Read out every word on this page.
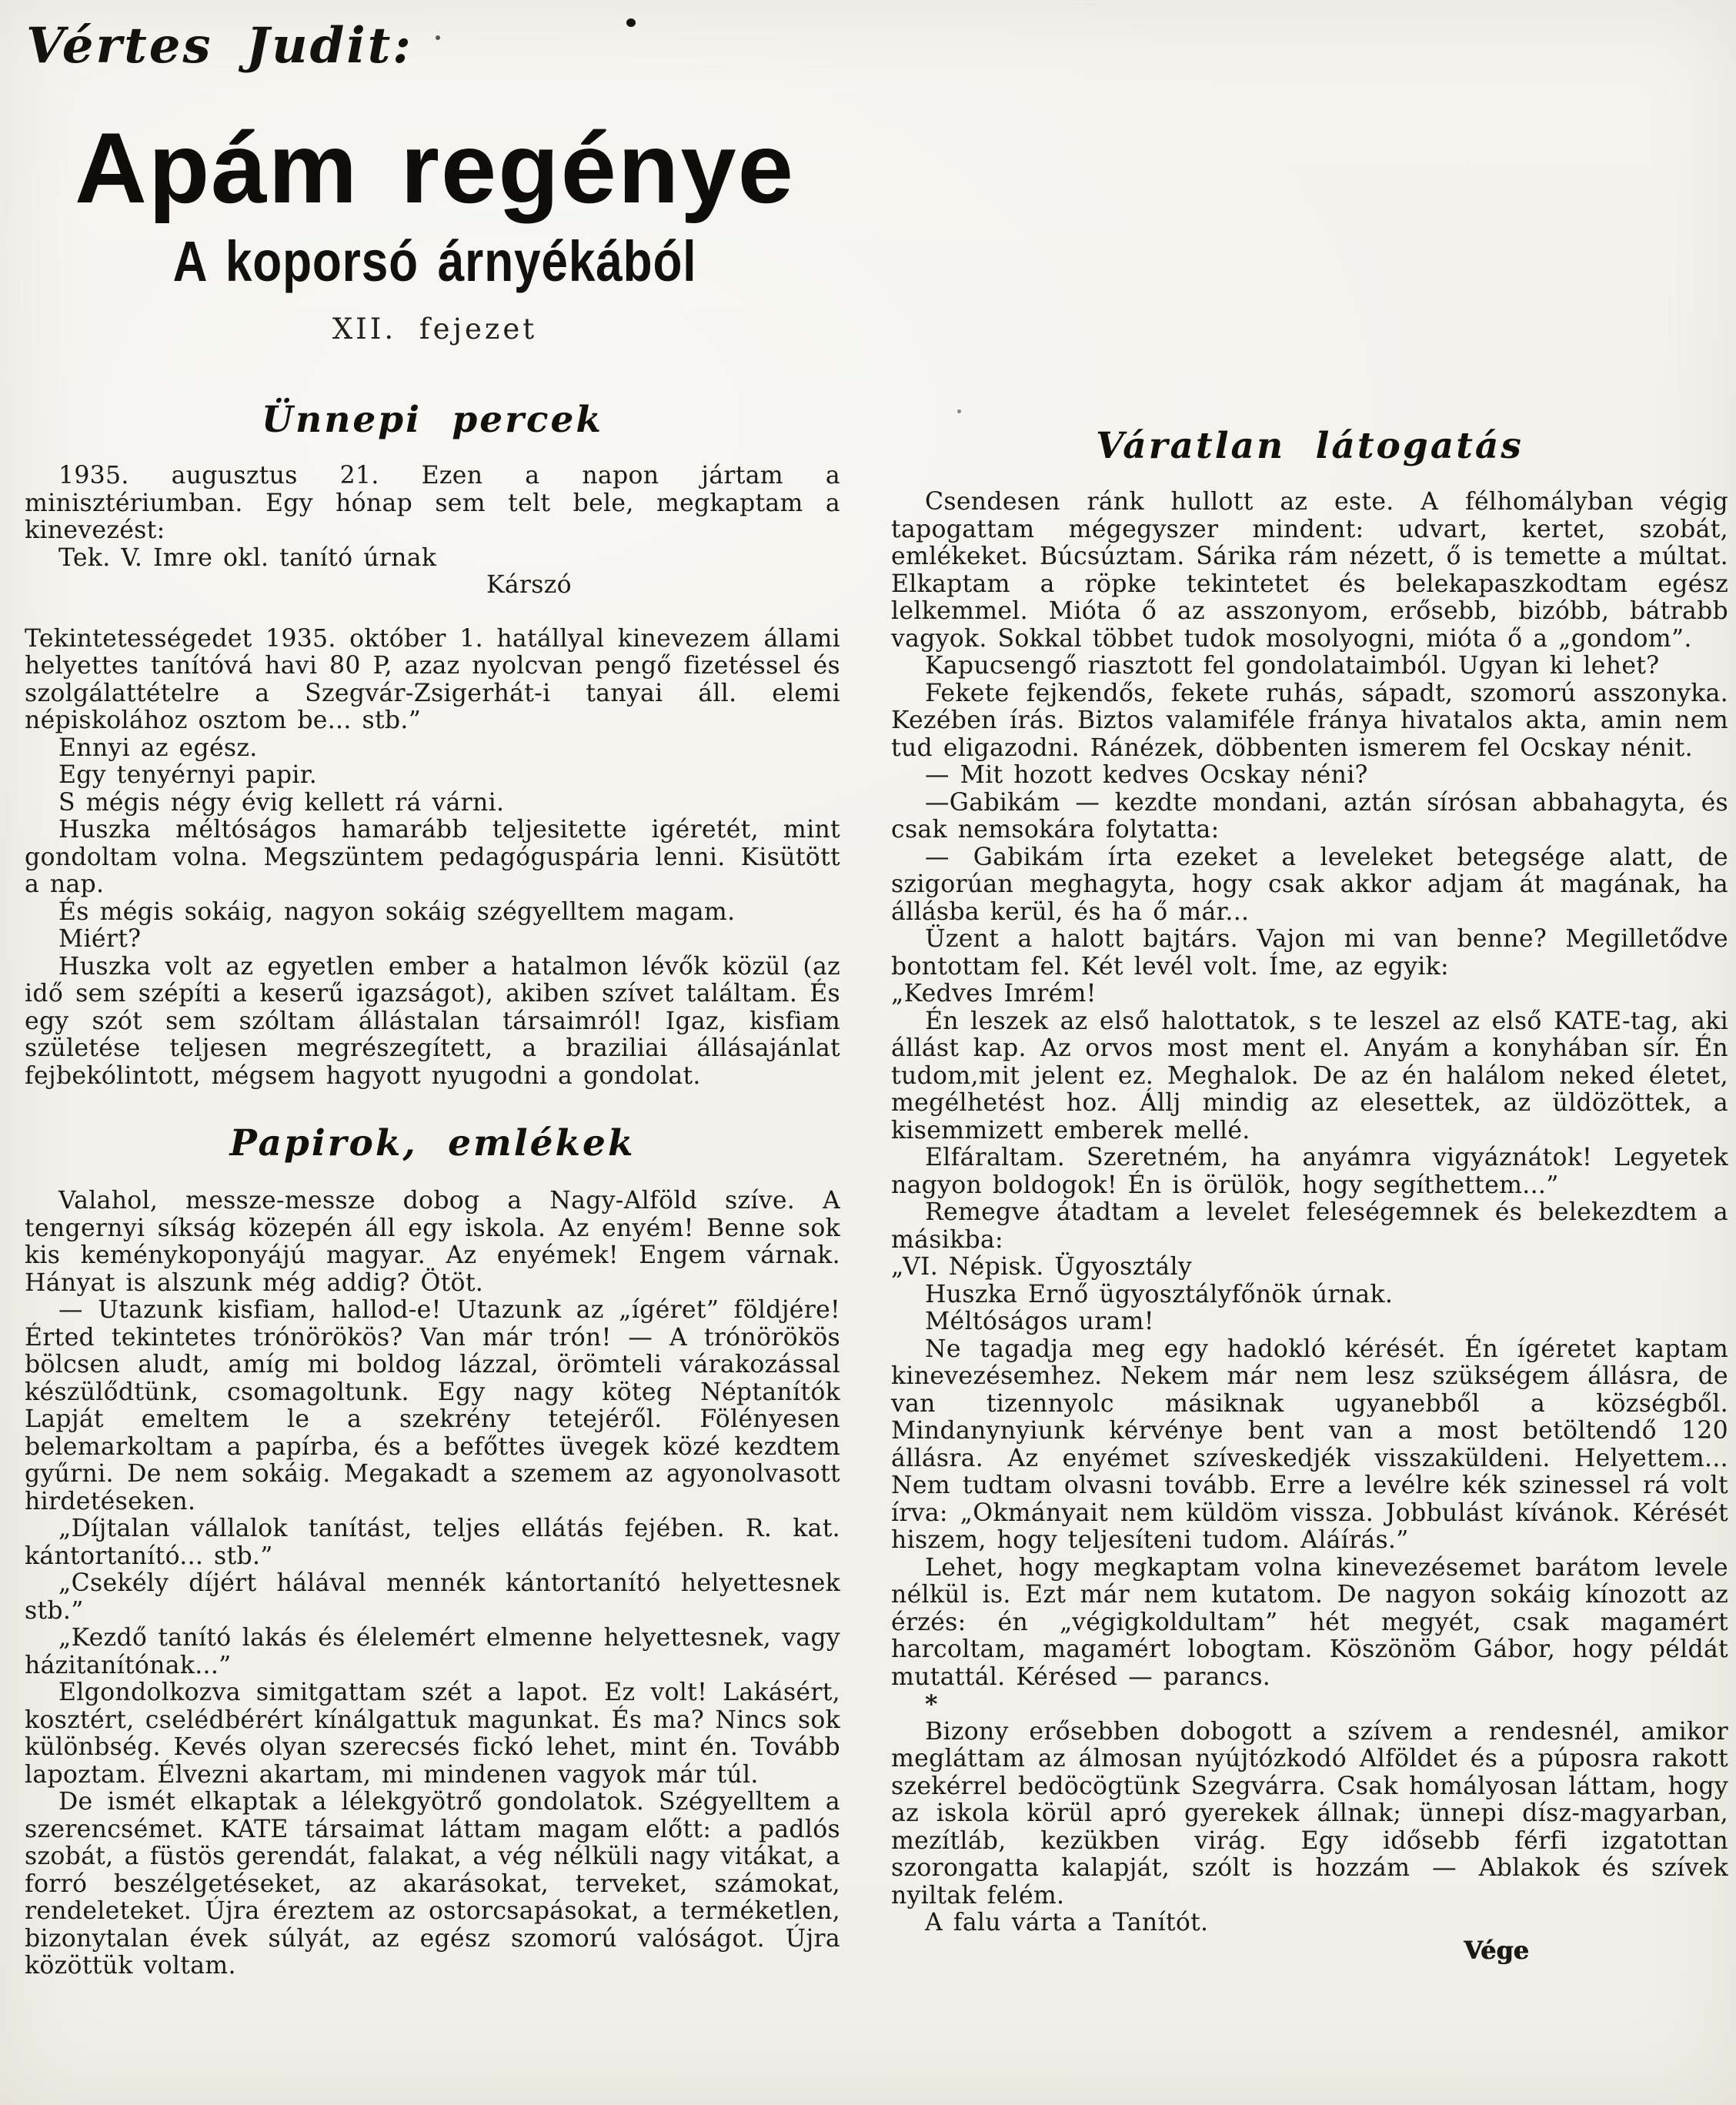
Vértes Judit:
Apám regénye
A koporsó árnyékából
XII. fejezet
Ünnepi percek

1935. augusztus 21. Ezen a napon jártam a minisztériumban. Egy hónap sem telt bele, megkaptam a kinevezést:

Tek. V. Imre okl. tanító úrnak

Kárszó

Tekintetességedet 1935. október 1. hatállyal kinevezem állami helyettes tanítóvá havi 80 P, azaz nyolcvan pengő fizetéssel és szolgálattételre a Szegvár-Zsigerhát-i tanyai áll. elemi népiskolához osztom be... stb.”

Ennyi az egész.

Egy tenyérnyi papir.

S mégis négy évig kellett rá várni.

Huszka méltóságos hamarább teljesitette igéretét, mint gondoltam volna. Megszüntem pedagóguspária lenni. Kisütött a nap.

És mégis sokáig, nagyon sokáig szégyelltem magam.

Miért?

Huszka volt az egyetlen ember a hatalmon lévők közül (az idő sem szépíti a keserű igazságot), akiben szívet találtam. És egy szót sem szóltam állástalan társaimról! Igaz, kisfiam születése teljesen megrészegített, a braziliai állásajánlat fejbekólintott, mégsem hagyott nyugodni a gondolat.

Papirok, emlékek

Valahol, messze-messze dobog a Nagy-Alföld szíve. A tengernyi síkság közepén áll egy iskola. Az enyém! Benne sok kis keménykoponyájú magyar. Az enyémek! Engem várnak. Hányat is alszunk még addig? Ötöt.

— Utazunk kisfiam, hallod-e! Utazunk az „ígéret” földjére! Érted tekintetes trónörökös? Van már trón! — A trónörökös bölcsen aludt, amíg mi boldog lázzal, örömteli várakozással készülődtünk, csomagoltunk. Egy nagy köteg Néptanítók Lapját emeltem le a szekrény tetejéről. Fölényesen belemarkoltam a papírba, és a befőttes üvegek közé kezdtem gyűrni. De nem sokáig. Megakadt a szemem az agyonolvasott hirdetéseken.

„Díjtalan vállalok tanítást, teljes ellátás fejében. R. kat. kántortanító... stb.”

„Csekély díjért hálával mennék kántortanító helyettesnek stb.”

„Kezdő tanító lakás és élelemért elmenne helyettesnek, vagy házitanítónak...”

Elgondolkozva simitgattam szét a lapot. Ez volt! Lakásért, kosztért, cselédbérért kínálgattuk magunkat. És ma? Nincs sok különbség. Kevés olyan szerecsés fickó lehet, mint én. Tovább lapoztam. Élvezni akartam, mi mindenen vagyok már túl.

De ismét elkaptak a lélekgyötrő gondolatok. Szégyelltem a szerencsémet. KATE társaimat láttam magam előtt: a padlós szobát, a füstös gerendát, falakat, a vég nélküli nagy vitákat, a forró beszélgetéseket, az akarásokat, terveket, számokat, rendeleteket. Újra éreztem az ostorcsapásokat, a terméketlen, bizonytalan évek súlyát, az egész szomorú valóságot. Újra közöttük voltam.

Váratlan látogatás

Csendesen ránk hullott az este. A félhomályban végig tapogattam mégegyszer mindent: udvart, kertet, szobát, emlékeket. Búcsúztam. Sárika rám nézett, ő is temette a múltat. Elkaptam a röpke tekintetet és belekapaszkodtam egész lelkemmel. Mióta ő az asszonyom, erősebb, bizóbb, bátrabb vagyok. Sokkal többet tudok mosolyogni, mióta ő a „gondom”.

Kapucsengő riasztott fel gondolataimból. Ugyan ki lehet?

Fekete fejkendős, fekete ruhás, sápadt, szomorú asszonyka. Kezében írás. Biztos valamiféle fránya hivatalos akta, amin nem tud eligazodni. Ránézek, döbbenten ismerem fel Ocskay nénit.

— Mit hozott kedves Ocskay néni?

—Gabikám — kezdte mondani, aztán sírósan abbahagyta, és csak nemsokára folytatta:

— Gabikám írta ezeket a leveleket betegsége alatt, de szigorúan meghagyta, hogy csak akkor adjam át magának, ha állásba kerül, és ha ő már...

Üzent a halott bajtárs. Vajon mi van benne? Megilletődve bontottam fel. Két levél volt. Íme, az egyik:

„Kedves Imrém!

Én leszek az első halottatok, s te leszel az első KATE-tag, aki állást kap. Az orvos most ment el. Anyám a konyhában sír. Én tudom,mit jelent ez. Meghalok. De az én halálom neked életet, megélhetést hoz. Állj mindig az elesettek, az üldözöttek, a kisemmizett emberek mellé.

Elfáraltam. Szeretném, ha anyámra vigyáznátok! Legyetek nagyon boldogok! Én is örülök, hogy segíthettem...”

Remegve átadtam a levelet feleségemnek és belekezdtem a másikba:

„VI. Népisk. Ügyosztály

Huszka Ernő ügyosztályfőnök úrnak.

Méltóságos uram!

Ne tagadja meg egy hadokló kérését. Én ígéretet kaptam kinevezésemhez. Nekem már nem lesz szükségem állásra, de van tizennyolc másiknak ugyanebből a községből. Mindanynyiunk kérvénye bent van a most betöltendő 120 állásra. Az enyémet szíveskedjék visszaküldeni. Helyettem... Nem tudtam olvasni tovább. Erre a levélre kék szinessel rá volt írva: „Okmányait nem küldöm vissza. Jobbulást kívánok. Kérését hiszem, hogy teljesíteni tudom. Aláírás.”

Lehet, hogy megkaptam volna kinevezésemet barátom levele nélkül is. Ezt már nem kutatom. De nagyon sokáig kínozott az érzés: én „végigkoldultam” hét megyét, csak magamért harcoltam, magamért lobogtam. Köszönöm Gábor, hogy példát mutattál. Kérésed — parancs.

*

Bizony erősebben dobogott a szívem a rendesnél, amikor megláttam az álmosan nyújtózkodó Alföldet és a púposra rakott szekérrel bedöcögtünk Szegvárra. Csak homályosan láttam, hogy az iskola körül apró gyerekek állnak; ünnepi dísz-magyarban, mezítláb, kezükben virág. Egy idősebb férfi izgatottan szorongatta kalapját, szólt is hozzám — Ablakok és szívek nyiltak felém.

A falu várta a Tanítót.

Vége
